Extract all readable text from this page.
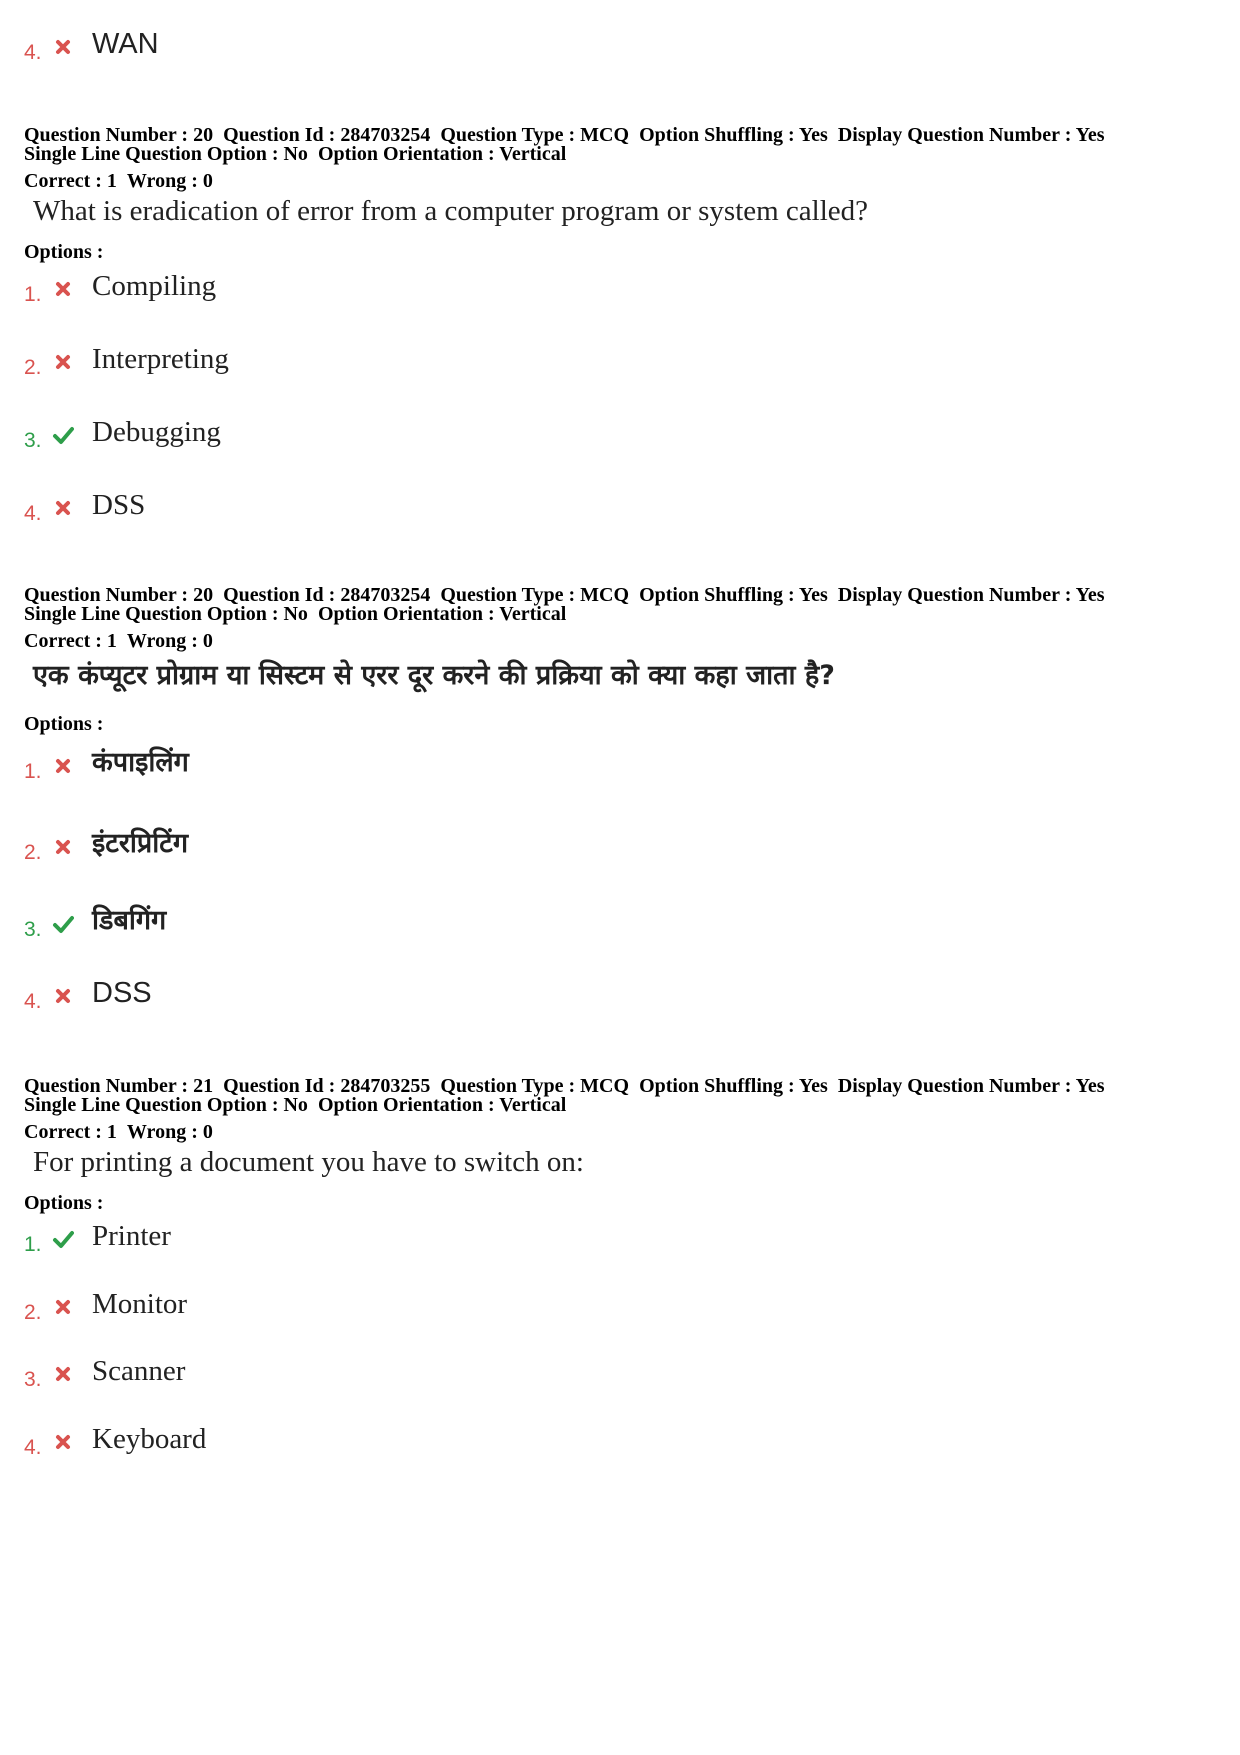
4. WAN
Question Number : 20 Question Id : 284703254 Question Type : MCQ Option Shuffling : Yes Display Question Number : Yes
Single Line Question Option : No Option Orientation : Vertical
Correct : 1 Wrong : 0
What is eradication of error from a computer program or system called?
Options :
1. Compiling
2. Interpreting
3. Debugging
4. DSS
Question Number : 20 Question Id : 284703254 Question Type : MCQ Option Shuffling : Yes Display Question Number : Yes
Single Line Question Option : No Option Orientation : Vertical
Correct : 1 Wrong : 0
एक कंप्यूटर प्रोग्राम या सिस्टम से एरर दूर करने की प्रक्रिया को क्या कहा जाता है?
Options :
1. कंपाइलिंग
2. इंटरप्रिटिंग
3. डिबगिंग
4. DSS
Question Number : 21 Question Id : 284703255 Question Type : MCQ Option Shuffling : Yes Display Question Number : Yes
Single Line Question Option : No Option Orientation : Vertical
Correct : 1 Wrong : 0
For printing a document you have to switch on:
Options :
1. Printer
2. Monitor
3. Scanner
4. Keyboard
